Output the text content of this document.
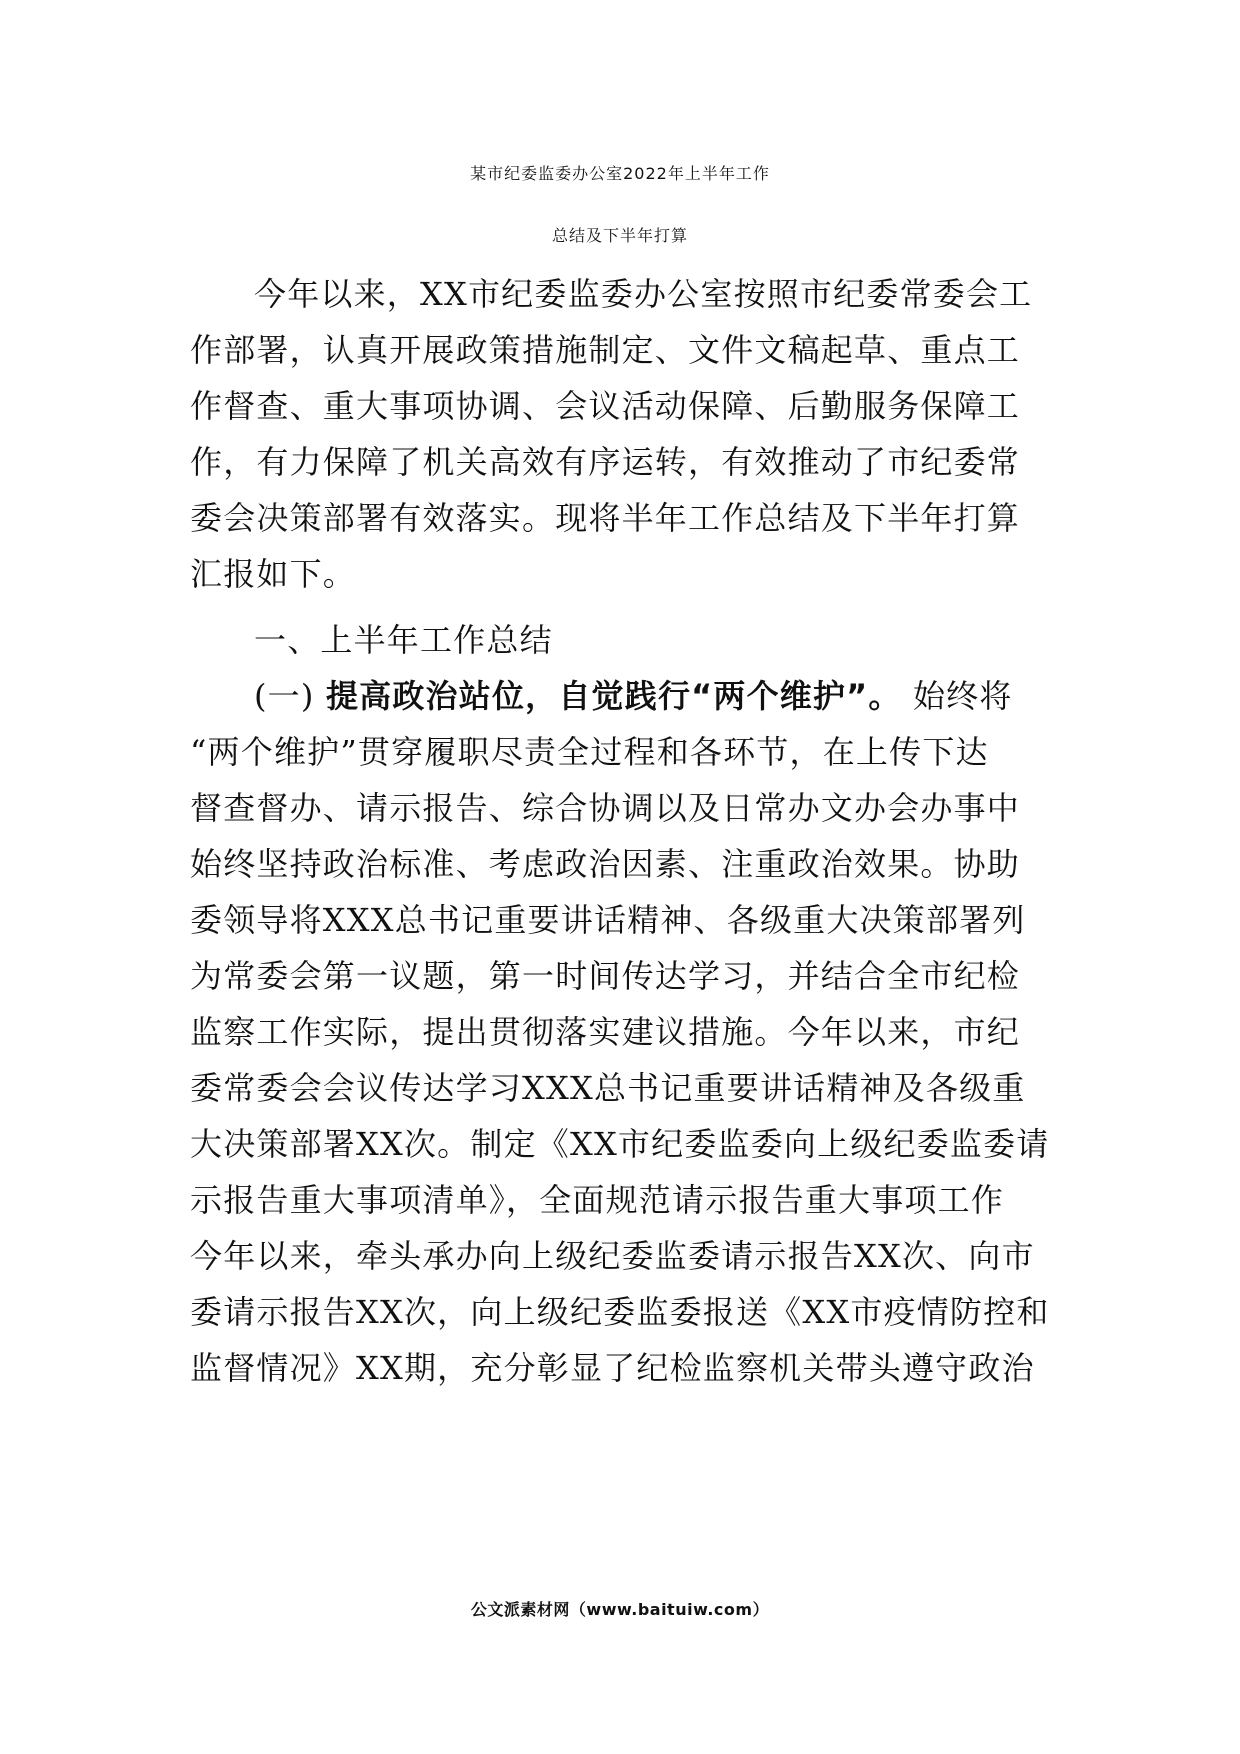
某市纪委监委办公室2022年上半年工作
总结及下半年打算
今年以来，XX市纪委监委办公室按照市纪委常委会工
作部署，认真开展政策措施制定、文件文稿起草、重点工
作督查、重大事项协调、会议活动保障、后勤服务保障工
作，有力保障了机关高效有序运转，有效推动了市纪委常
委会决策部署有效落实。现将半年工作总结及下半年打算
汇报如下。
一、上半年工作总结
(一) 提高政治站位，自觉践行“两个维护”。 始终将
“两个维护”贯穿履职尽责全过程和各环节，在上传下达
督查督办、请示报告、综合协调以及日常办文办会办事中
始终坚持政治标准、考虑政治因素、注重政治效果。协助
委领导将XXX总书记重要讲话精神、各级重大决策部署列
为常委会第一议题，第一时间传达学习，并结合全市纪检
监察工作实际，提出贯彻落实建议措施。今年以来，市纪
委常委会会议传达学习XXX总书记重要讲话精神及各级重
大决策部署XX次。制定《XX市纪委监委向上级纪委监委请
示报告重大事项清单》，全面规范请示报告重大事项工作
今年以来，牵头承办向上级纪委监委请示报告XX次、向市
委请示报告XX次，向上级纪委监委报送《XX市疫情防控和
监督情况》XX期，充分彰显了纪检监察机关带头遵守政治
公文派素材网（www.baituiw.com）
